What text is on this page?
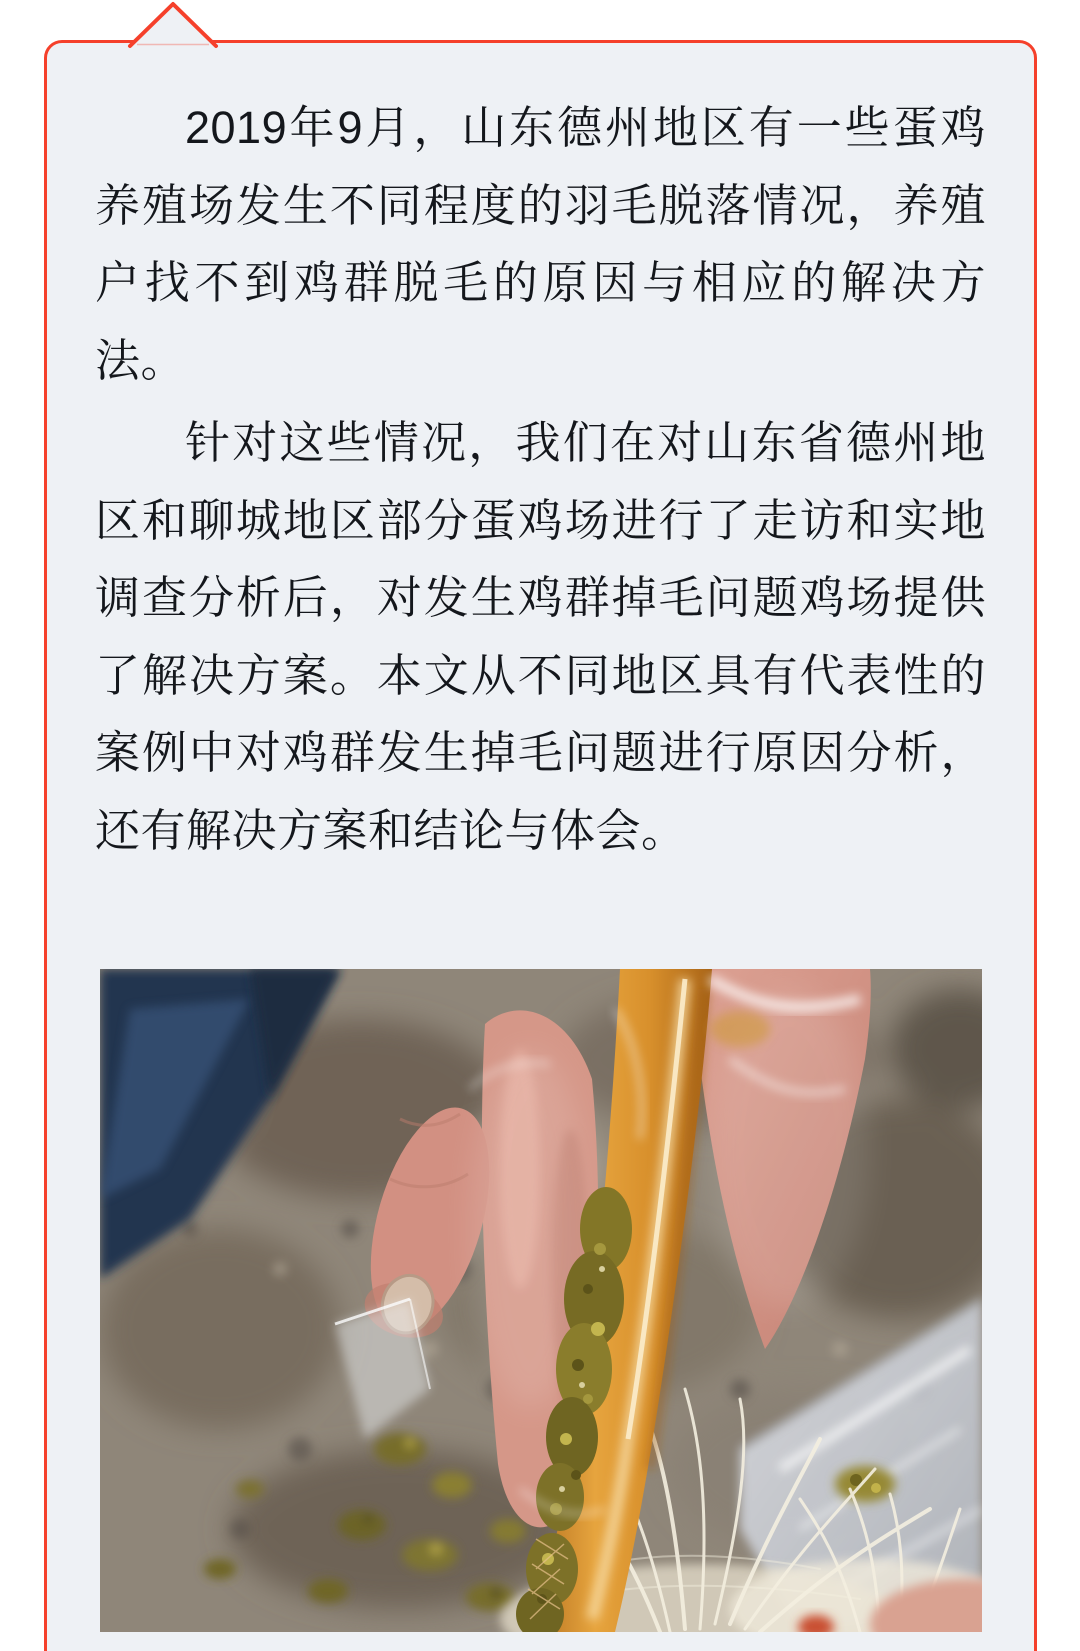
2019年9月，山东德州地区有一些蛋鸡养殖场发生不同程度的羽毛脱落情况，养殖户找不到鸡群脱毛的原因与相应的解决方法。

针对这些情况，我们在对山东省德州地区和聊城地区部分蛋鸡场进行了走访和实地调查分析后，对发生鸡群掉毛问题鸡场提供了解决方案。本文从不同地区具有代表性的案例中对鸡群发生掉毛问题进行原因分析，还有解决方案和结论与体会。
